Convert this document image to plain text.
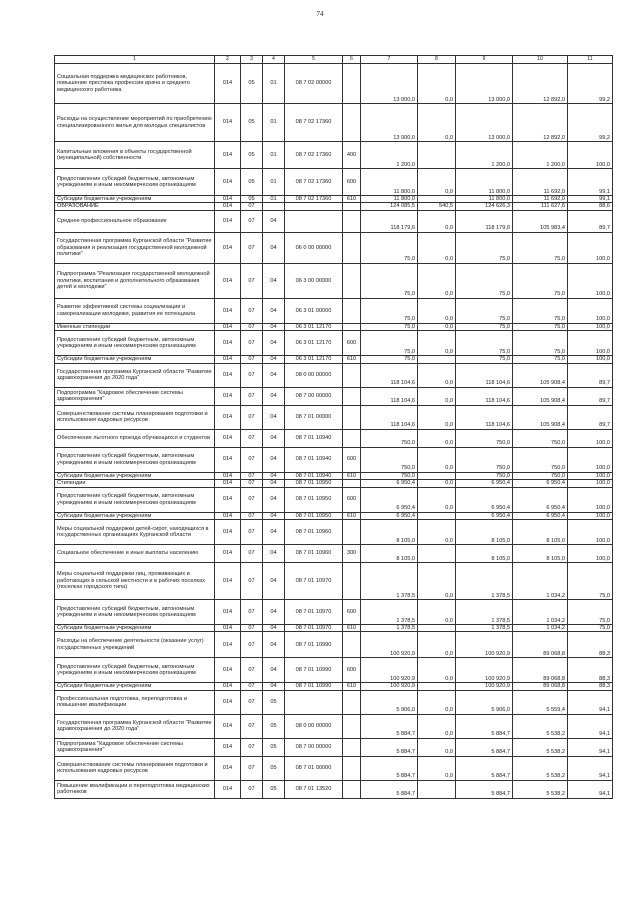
74
1	2	3	4	5	6	7	8	9	10	11
Социальная поддержка медицинских работников, повышение престижа профессии врача и среднего медицинского работника	014	05	01	08 7 02 00000		13 000,0	0,0	13 000,0	12 892,0	99,2
Расходы на осуществление мероприятий по приобретению специализированного жилья для молодых специалистов	014	05	01	08 7 02 17360		13 000,0	0,0	13 000,0	12 892,0	99,2
Капитальные вложения в объекты государственной (муниципальной) собственности	014	05	01	08 7 02 17360	400	1 200,0		1 200,0	1 200,0	100,0
Предоставление субсидий бюджетным, автономным учреждениям и иным некоммерческим организациям	014	05	01	08 7 02 17360	600	11 800,0	0,0	11 800,0	11 692,0	99,1
Субсидии бюджетным учреждениям	014	05	01	08 7 02 17360	610	11 800,0		11 800,0	11 692,0	99,1
ОБРАЗОВАНИЕ	014	07				124 085,5	540,5	124 626,3	111 627,6	88,6
Среднее профессиональное образование	014	07	04			118 179,6	0,0	118 179,6	105 983,4	89,7
Государственная программа Курганской области "Развитие образования и реализация государственной молодежной политики"	014	07	04	06 0 00 00000		75,0	0,0	75,0	75,0	100,0
Подпрограмма "Реализация государственной молодежной политики, воспитания и дополнительного образования детей и молодежи"	014	07	04	06 3 00 00000		75,0	0,0	75,0	75,0	100,0
Развитие эффективной системы социализации и самореализации молодежи, развития ее потенциала	014	07	04	06 3 01 00000		75,0	0,0	75,0	75,0	100,0
Именные стипендии	014	07	04	06 3 01 12170		75,0	0,0	75,0	75,0	100,0
Предоставление субсидий бюджетным, автономным учреждениям и иным некоммерческим организациям	014	07	04	06 3 01 12170	600	75,0	0,0	75,0	75,0	100,0
Субсидии бюджетным учреждениям	014	07	04	06 3 01 12170	610	75,0		75,0	75,0	100,0
Государственная программа Курганской области "Развитие здравоохранения до 2020 года"	014	07	04	08 0 00 00000		118 104,6	0,0	118 104,6	105 908,4	89,7
Подпрограмма "Кадровое обеспечение системы здравоохранения"	014	07	04	08 7 00 00000		118 104,6	0,0	118 104,6	105 908,4	89,7
Совершенствование системы планирования подготовки и использования кадровых ресурсов	014	07	04	08 7 01 00000		118 104,6	0,0	118 104,6	105 908,4	89,7
Обеспечение льготного проезда обучающихся и студентов	014	07	04	08 7 01 10940		750,0	0,0	750,0	750,0	100,0
Предоставление субсидий бюджетным, автономным учреждениям и иным некоммерческим организациям	014	07	04	08 7 01 10940	600	750,0	0,0	750,0	750,0	100,0
Субсидии бюджетным учреждениям	014	07	04	08 7 01 10940	610	750,0		750,0	750,0	100,0
Стипендии	014	07	04	08 7 01 10950		6 950,4	0,0	6 950,4	6 950,4	100,0
Предоставление субсидий бюджетным, автономным учреждениям и иным некоммерческим организациям	014	07	04	08 7 01 10950	600	6 950,4	0,0	6 950,4	6 950,4	100,0
Субсидии бюджетным учреждениям	014	07	04	08 7 01 10950	610	6 950,4		6 950,4	6 950,4	100,0
Меры социальной поддержки детей-сирот, находящихся в государственных организациях Курганской области	014	07	04	08 7 01 10960		8 105,0	0,0	8 105,0	8 105,0	100,0
Социальное обеспечение и иные выплаты населению	014	07	04	08 7 01 10960	300	8 105,0		8 105,0	8 105,0	100,0
Меры социальной поддержки лиц, проживающих и работающих в сельской местности и в рабочих поселках (поселках городского типа)	014	07	04	08 7 01 10970		1 378,5	0,0	1 378,5	1 034,2	75,0
Предоставление субсидий бюджетным, автономным учреждениям и иным некоммерческим организациям	014	07	04	08 7 01 10970	600	1 378,5	0,0	1 378,5	1 034,2	75,0
Субсидии бюджетным учреждениям	014	07	04	08 7 01 10970	610	1 378,5		1 378,5	1 034,2	75,0
Расходы на обеспечение деятельности (оказание услуг) государственных учреждений	014	07	04	08 7 01 10990		100 920,9	0,0	100 920,9	89 068,8	88,3
Предоставление субсидий бюджетным, автономным учреждениям и иным некоммерческим организациям	014	07	04	08 7 01 10990	600	100 920,9	0,0	100 920,9	89 068,8	88,3
Субсидии бюджетным учреждениям	014	07	04	08 7 01 10990	610	100 920,9		100 920,9	89 068,8	88,3
Профессиональная подготовка, переподготовка и повышение квалификации	014	07	05			5 906,0	0,0	5 906,0	5 559,4	94,1
Государственная программа Курганской области "Развитие здравоохранения до 2020 года"	014	07	05	08 0 00 00000		5 884,7	0,0	5 884,7	5 538,2	94,1
Подпрограмма "Кадровое обеспечение системы здравоохранения"	014	07	05	08 7 00 00000		5 884,7	0,0	5 884,7	5 538,2	94,1
Совершенствование системы планирования подготовки и использования кадровых ресурсов	014	07	05	08 7 01 00000		5 884,7	0,0	5 884,7	5 538,2	94,1
Повышение квалификации и переподготовка медицинских работников	014	07	05	08 7 01 13520		5 884,7		5 884,7	5 538,2	94,1
